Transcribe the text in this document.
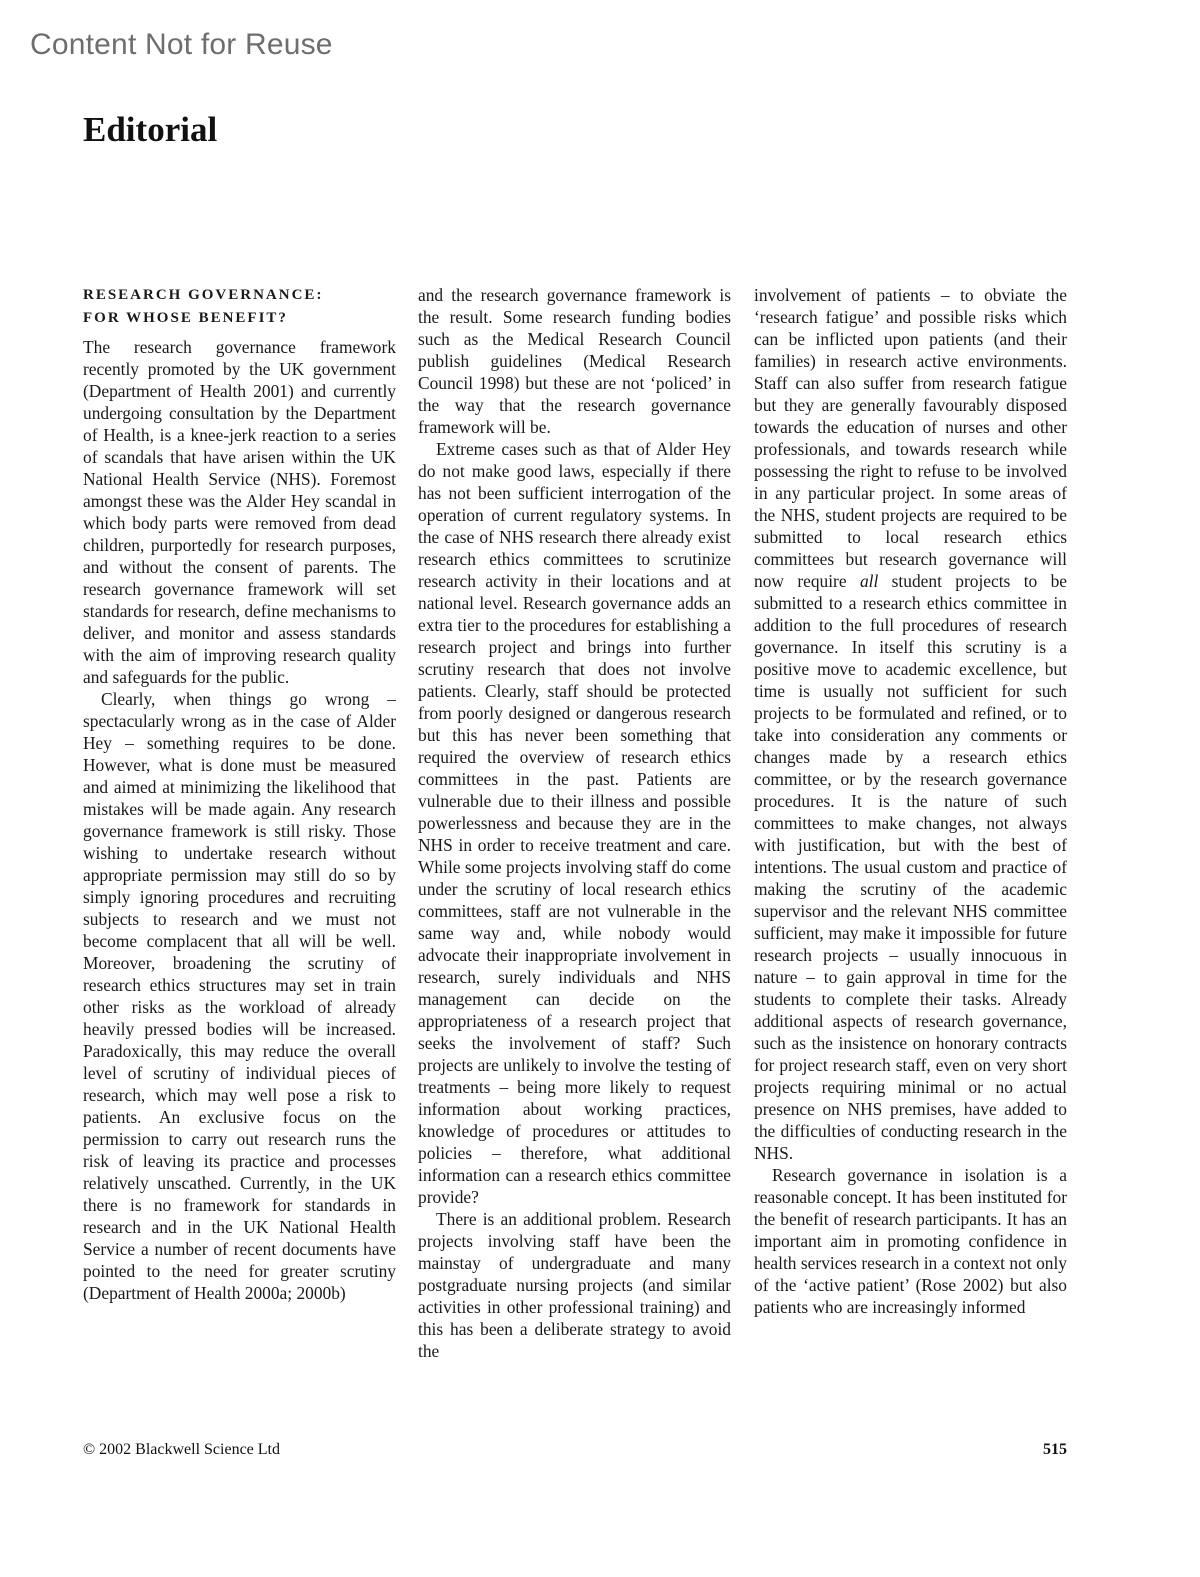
Content Not for Reuse
Editorial
RESEARCH GOVERNANCE:
FOR WHOSE BENEFIT?

The research governance framework recently promoted by the UK government (Department of Health 2001) and currently undergoing consultation by the Department of Health, is a knee-jerk reaction to a series of scandals that have arisen within the UK National Health Service (NHS). Foremost amongst these was the Alder Hey scandal in which body parts were removed from dead children, purportedly for research purposes, and without the consent of parents. The research governance framework will set standards for research, define mechanisms to deliver, and monitor and assess standards with the aim of improving research quality and safeguards for the public.

Clearly, when things go wrong – spectacularly wrong as in the case of Alder Hey – something requires to be done. However, what is done must be measured and aimed at minimizing the likelihood that mistakes will be made again. Any research governance framework is still risky. Those wishing to undertake research without appropriate permission may still do so by simply ignoring procedures and recruiting subjects to research and we must not become complacent that all will be well. Moreover, broadening the scrutiny of research ethics structures may set in train other risks as the workload of already heavily pressed bodies will be increased. Paradoxically, this may reduce the overall level of scrutiny of individual pieces of research, which may well pose a risk to patients. An exclusive focus on the permission to carry out research runs the risk of leaving its practice and processes relatively unscathed. Currently, in the UK there is no framework for standards in research and in the UK National Health Service a number of recent documents have pointed to the need for greater scrutiny (Department of Health 2000a; 2000b)

and the research governance framework is the result. Some research funding bodies such as the Medical Research Council publish guidelines (Medical Research Council 1998) but these are not ‘policed’ in the way that the research governance framework will be.

Extreme cases such as that of Alder Hey do not make good laws, especially if there has not been sufficient interrogation of the operation of current regulatory systems. In the case of NHS research there already exist research ethics committees to scrutinize research activity in their locations and at national level. Research governance adds an extra tier to the procedures for establishing a research project and brings into further scrutiny research that does not involve patients. Clearly, staff should be protected from poorly designed or dangerous research but this has never been something that required the overview of research ethics committees in the past. Patients are vulnerable due to their illness and possible powerlessness and because they are in the NHS in order to receive treatment and care. While some projects involving staff do come under the scrutiny of local research ethics committees, staff are not vulnerable in the same way and, while nobody would advocate their inappropriate involvement in research, surely individuals and NHS management can decide on the appropriateness of a research project that seeks the involvement of staff? Such projects are unlikely to involve the testing of treatments – being more likely to request information about working practices, knowledge of procedures or attitudes to policies – therefore, what additional information can a research ethics committee provide?

There is an additional problem. Research projects involving staff have been the mainstay of undergraduate and many postgraduate nursing projects (and similar activities in other professional training) and this has been a deliberate strategy to avoid the

involvement of patients – to obviate the ‘research fatigue’ and possible risks which can be inflicted upon patients (and their families) in research active environments. Staff can also suffer from research fatigue but they are generally favourably disposed towards the education of nurses and other professionals, and towards research while possessing the right to refuse to be involved in any particular project. In some areas of the NHS, student projects are required to be submitted to local research ethics committees but research governance will now require all student projects to be submitted to a research ethics committee in addition to the full procedures of research governance. In itself this scrutiny is a positive move to academic excellence, but time is usually not sufficient for such projects to be formulated and refined, or to take into consideration any comments or changes made by a research ethics committee, or by the research governance procedures. It is the nature of such committees to make changes, not always with justification, but with the best of intentions. The usual custom and practice of making the scrutiny of the academic supervisor and the relevant NHS committee sufficient, may make it impossible for future research projects – usually innocuous in nature – to gain approval in time for the students to complete their tasks. Already additional aspects of research governance, such as the insistence on honorary contracts for project research staff, even on very short projects requiring minimal or no actual presence on NHS premises, have added to the difficulties of conducting research in the NHS.

Research governance in isolation is a reasonable concept. It has been instituted for the benefit of research participants. It has an important aim in promoting confidence in health services research in a context not only of the ‘active patient’ (Rose 2002) but also patients who are increasingly informed

© 2002 Blackwell Science Ltd	515
